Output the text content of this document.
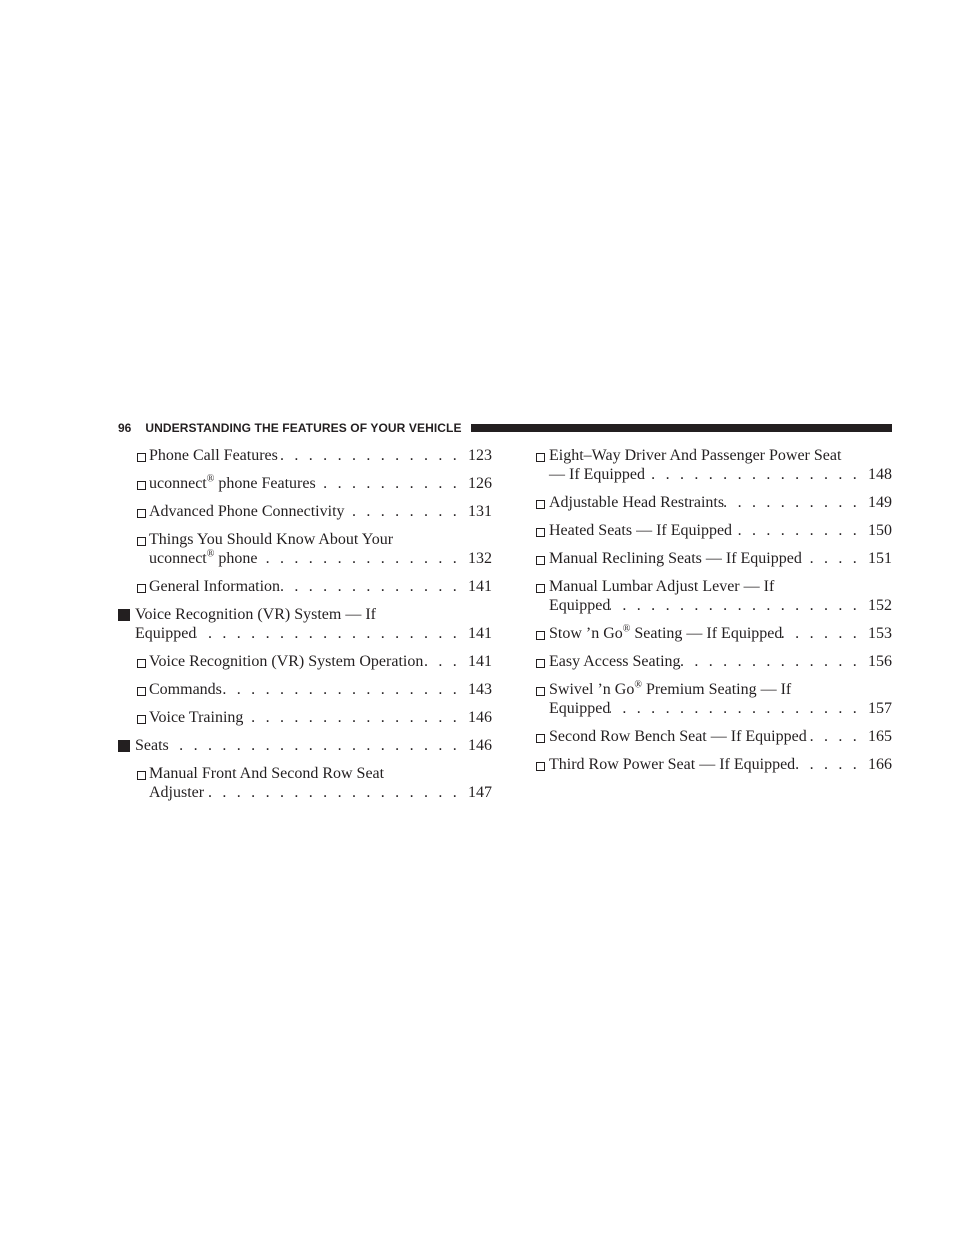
96 UNDERSTANDING THE FEATURES OF YOUR VEHICLE
Phone Call Features . . .	123
uconnect® phone Features . . .	126
Advanced Phone Connectivity . . .	131
Things You Should Know About Your
uconnect® phone . . .	132
General Information . . .	141
Voice Recognition (VR) System — If
Equipped . . .	141
Voice Recognition (VR) System Operation . . .	141
Commands . . .	143
Voice Training . . .	146
Seats . . .	146
Manual Front And Second Row Seat
Adjuster . . .	147
Eight–Way Driver And Passenger Power Seat
— If Equipped . . .	148
Adjustable Head Restraints . . .	149
Heated Seats — If Equipped . . .	150
Manual Reclining Seats — If Equipped . . .	151
Manual Lumbar Adjust Lever — If
Equipped . . .	152
Stow ’n Go® Seating — If Equipped . . .	153
Easy Access Seating . . .	156
Swivel ’n Go® Premium Seating — If
Equipped . . .	157
Second Row Bench Seat — If Equipped . . .	165
Third Row Power Seat — If Equipped . . .	166
